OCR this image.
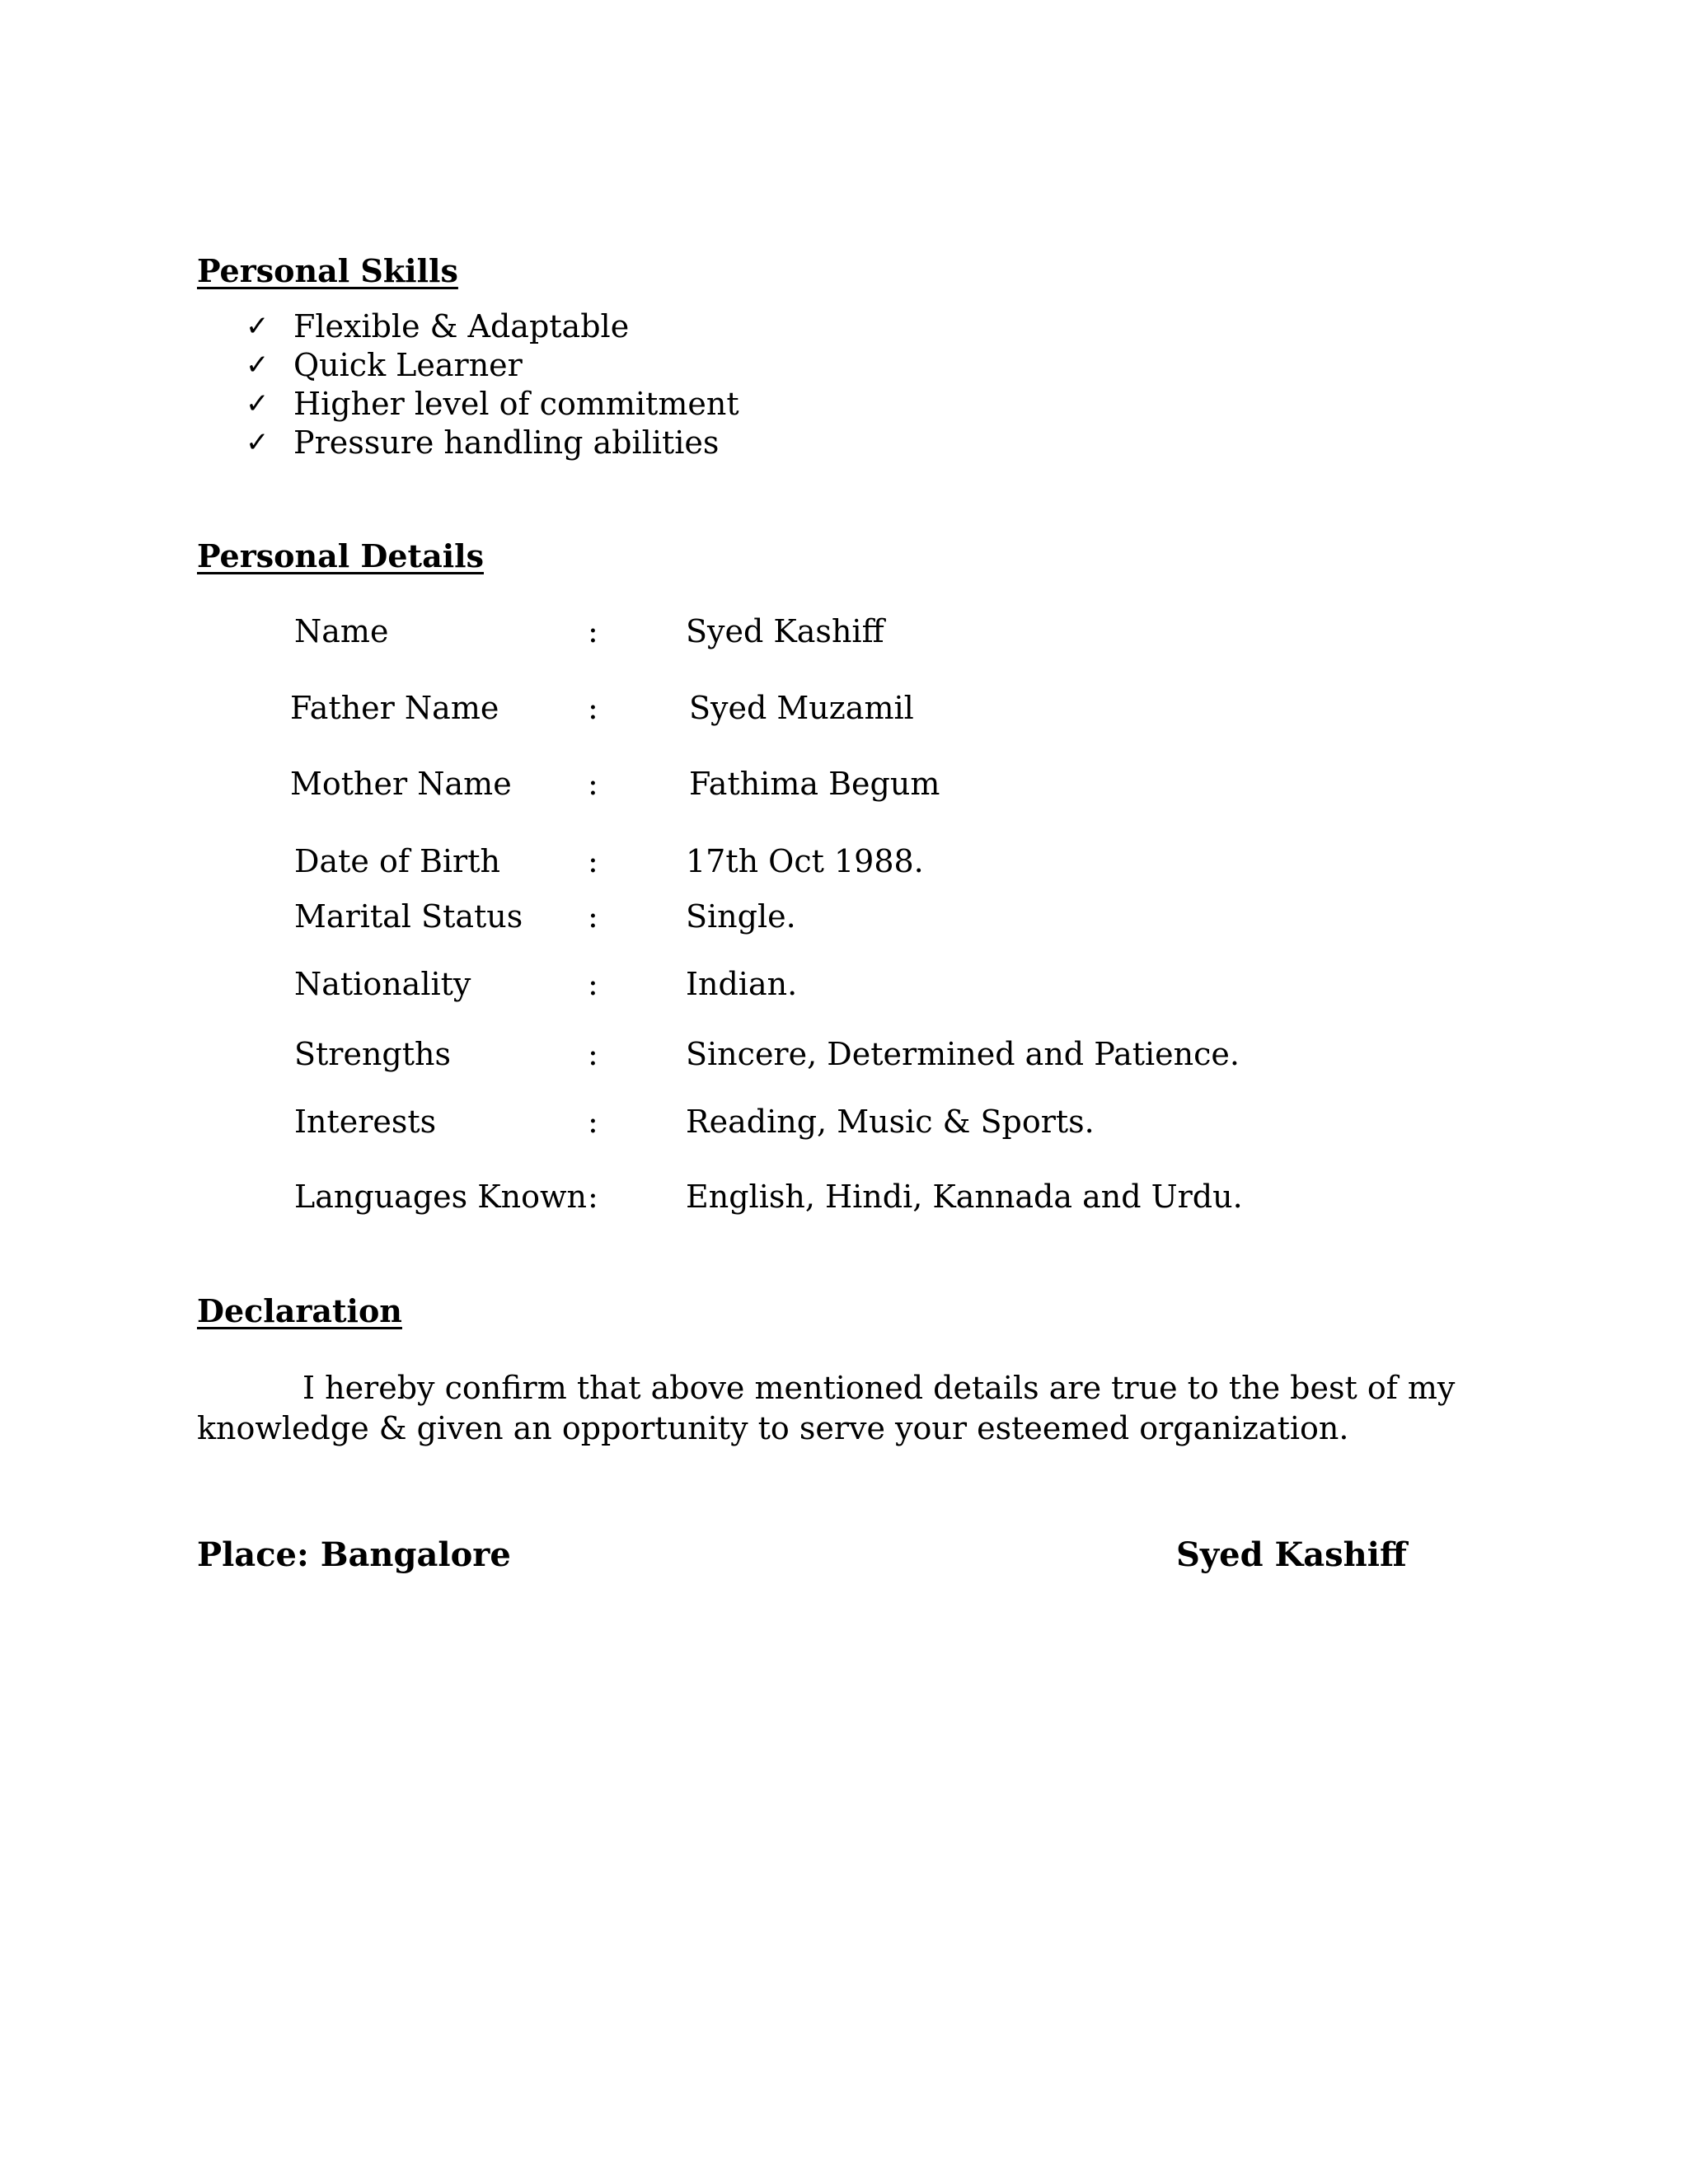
Personal Skills
✓ Flexible & Adaptable
✓ Quick Learner
✓ Higher level of commitment
✓ Pressure handling abilities
Personal Details
Name	:	Syed Kashiff
Father Name	:	Syed Muzamil
Mother Name :	Fathima Begum
Date of Birth	:	17th Oct 1988.
Marital Status :	Single.
Nationality	:	Indian.
Strengths	:	Sincere, Determined and Patience.
Interests	:	Reading, Music & Sports.
Languages Known :	English, Hindi, Kannada and Urdu.
Declaration

I hereby confirm that above mentioned details are true to the best of my knowledge & given an opportunity to serve your esteemed organization.

Place: Bangalore	Syed Kashiff
